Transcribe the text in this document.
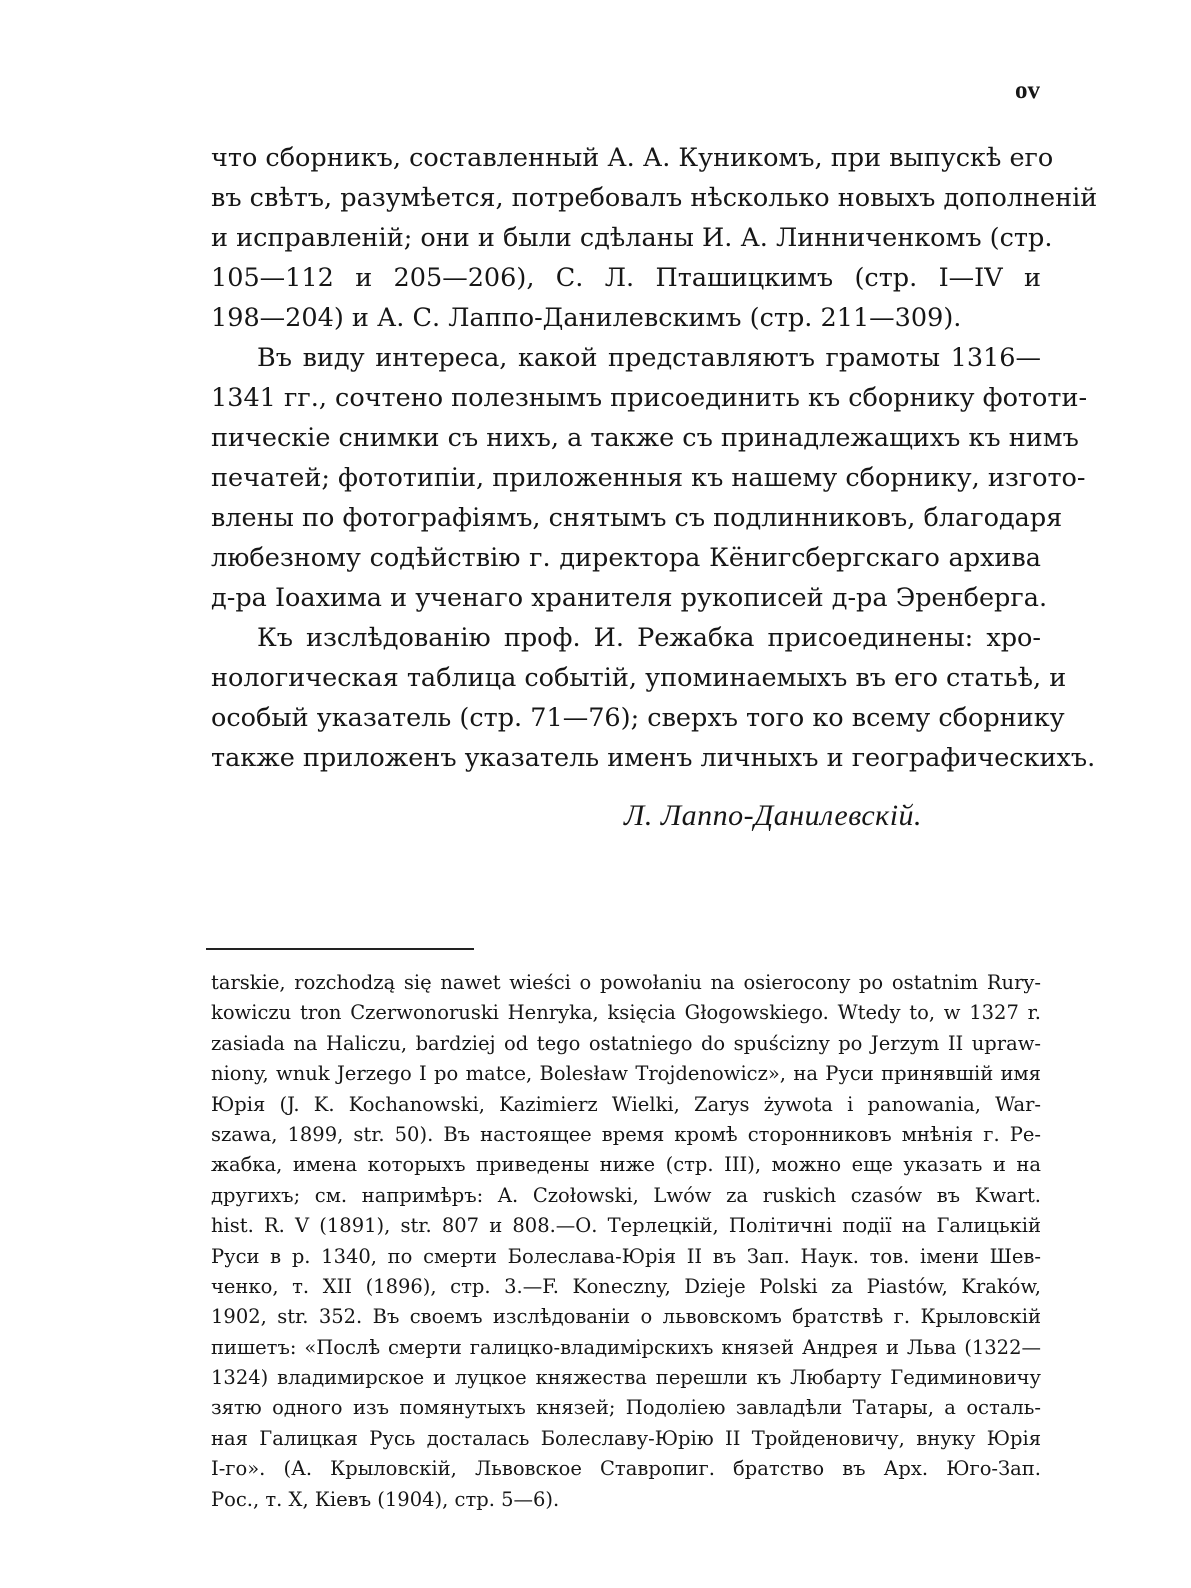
ov
что сборникъ, составленный А. А. Куникомъ, при выпускѣ его
въ свѣтъ, разумѣется, потребовалъ нѣсколько новыхъ дополненій
и исправленій; они и были сдѣланы И. А. Линниченкомъ (стр.
105—112 и 205—206), С. Л. Пташицкимъ (стр. I—IV и
198—204) и А. С. Лаппо-Данилевскимъ (стр. 211—309).
Въ виду интереса, какой представляютъ грамоты 1316—
1341 гг., сочтено полезнымъ присоединить къ сборнику фототи-
пическіе снимки съ нихъ, а также съ принадлежащихъ къ нимъ
печатей; фототипіи, приложенныя къ нашему сборнику, изгото-
влены по фотографіямъ, снятымъ съ подлинниковъ, благодаря
любезному содѣйствію г. директора Кёнигсбергскаго архива
д-ра Іоахима и ученаго хранителя рукописей д-ра Эренберга.
Къ изслѣдованію проф. И. Режабка присоединены: хро-
нологическая таблица событій, упоминаемыхъ въ его статьѣ, и
особый указатель (стр. 71—76); сверхъ того ко всему сборнику
также приложенъ указатель именъ личныхъ и географическихъ.
Л. Лаппо-Данилевскій.
tarskie, rozchodzą się nawet wieści o powołaniu na osierocony po ostatnim Rury-
kowiczu tron Czerwonoruski Henryka, księcia Głogowskiego. Wtedy to, w 1327 r.
zasiada na Haliczu, bardziej od tego ostatniego do spuścizny po Jerzym II upraw-
niony, wnuk Jerzego I po matce, Bolesław Trojdenowicz», на Руси принявшій имя
Юрія (J. K. Kochanowski, Kazimierz Wielki, Zarys żywota i panowania, War-
szawa, 1899, str. 50). Въ настоящее время кромѣ сторонниковъ мнѣнія г. Ре-
жабка, имена которыхъ приведены ниже (стр. III), можно еще указать и на
другихъ; см. напримѣръ: A. Czołowski, Lwów za ruskich czasów въ Kwart.
hist. R. V (1891), str. 807 и 808.—О. Терлецкій, Політичні події на Галицькій
Руси в р. 1340, по смерти Болеслава-Юрія II въ Зап. Наук. тов. імени Шев-
ченко, т. XII (1896), стр. 3.—F. Koneczny, Dzieje Polski za Piastów, Kraków,
1902, str. 352. Въ своемъ изслѣдованіи о львовскомъ братствѣ г. Крыловскій
пишетъ: «Послѣ смерти галицко-владимірскихъ князей Андрея и Льва (1322—
1324) владимирское и луцкое княжества перешли къ Любарту Гедиминовичу
зятю одного изъ помянутыхъ князей; Подоліею завладѣли Татары, а осталь-
ная Галицкая Русь досталась Болеславу-Юрію II Тройденовичу, внуку Юрія
I-го». (А. Крыловскій, Львовское Ставропиг. братство въ Арх. Юго-Зап.
Рос., т. X, Кіевъ (1904), стр. 5—6).
